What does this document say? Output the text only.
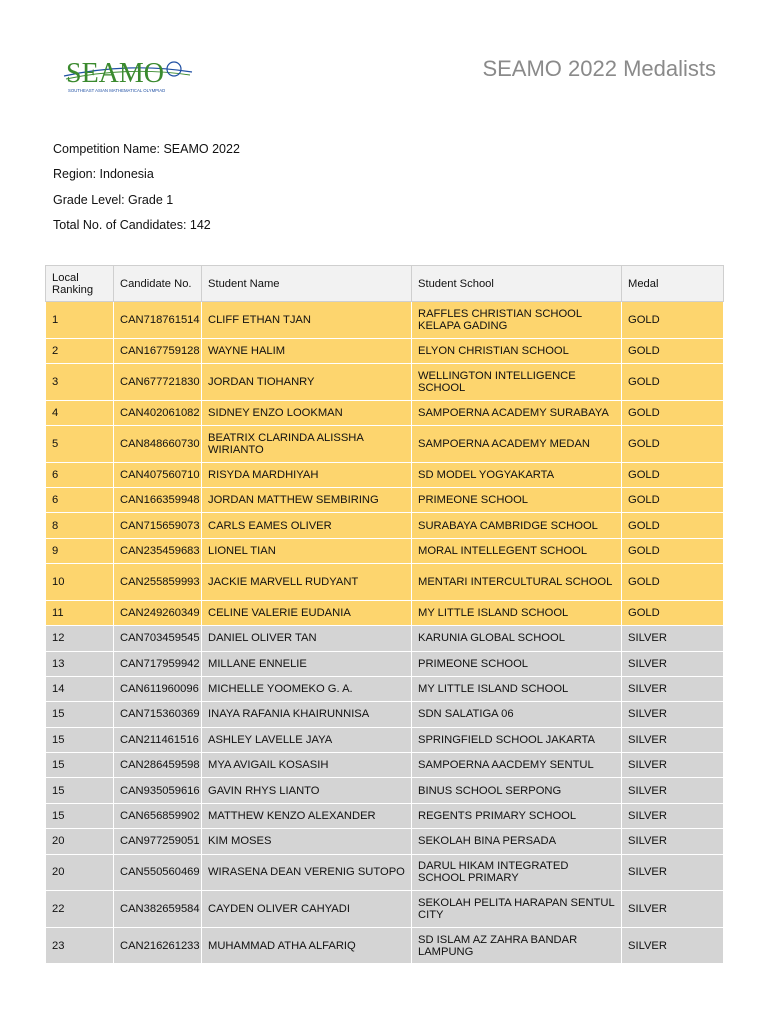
SEAMO
SOUTHEAST ASIAN MATHEMATICAL OLYMPIAD
SEAMO 2022 Medalists
Competition Name: SEAMO 2022
Region: Indonesia
Grade Level: Grade 1
Total No. of Candidates: 142
Local Ranking	Candidate No.	Student Name	Student School	Medal
1	CAN718761514	CLIFF ETHAN TJAN	RAFFLES CHRISTIAN SCHOOL KELAPA GADING	GOLD
2	CAN167759128	WAYNE HALIM	ELYON CHRISTIAN SCHOOL	GOLD
3	CAN677721830	JORDAN TIOHANRY	WELLINGTON INTELLIGENCE SCHOOL	GOLD
4	CAN402061082	SIDNEY ENZO LOOKMAN	SAMPOERNA ACADEMY SURABAYA	GOLD
5	CAN848660730	BEATRIX CLARINDA ALISSHA WIRIANTO	SAMPOERNA ACADEMY MEDAN	GOLD
6	CAN407560710	RISYDA MARDHIYAH	SD MODEL YOGYAKARTA	GOLD
6	CAN166359948	JORDAN MATTHEW SEMBIRING	PRIMEONE SCHOOL	GOLD
8	CAN715659073	CARLS EAMES OLIVER	SURABAYA CAMBRIDGE SCHOOL	GOLD
9	CAN235459683	LIONEL TIAN	MORAL INTELLEGENT SCHOOL	GOLD
10	CAN255859993	JACKIE MARVELL RUDYANT	MENTARI INTERCULTURAL SCHOOL	GOLD
11	CAN249260349	CELINE VALERIE EUDANIA	MY LITTLE ISLAND SCHOOL	GOLD
12	CAN703459545	DANIEL OLIVER TAN	KARUNIA GLOBAL SCHOOL	SILVER
13	CAN717959942	MILLANE ENNELIE	PRIMEONE SCHOOL	SILVER
14	CAN611960096	MICHELLE YOOMEKO G. A.	MY LITTLE ISLAND SCHOOL	SILVER
15	CAN715360369	INAYA RAFANIA KHAIRUNNISA	SDN SALATIGA 06	SILVER
15	CAN211461516	ASHLEY LAVELLE JAYA	SPRINGFIELD SCHOOL JAKARTA	SILVER
15	CAN286459598	MYA AVIGAIL KOSASIH	SAMPOERNA AACDEMY SENTUL	SILVER
15	CAN935059616	GAVIN RHYS LIANTO	BINUS SCHOOL SERPONG	SILVER
15	CAN656859902	MATTHEW KENZO ALEXANDER	REGENTS PRIMARY SCHOOL	SILVER
20	CAN977259051	KIM MOSES	SEKOLAH BINA PERSADA	SILVER
20	CAN550560469	WIRASENA DEAN VERENIG SUTOPO	DARUL HIKAM INTEGRATED SCHOOL PRIMARY	SILVER
22	CAN382659584	CAYDEN OLIVER CAHYADI	SEKOLAH PELITA HARAPAN SENTUL CITY	SILVER
23	CAN216261233	MUHAMMAD ATHA ALFARIQ	SD ISLAM AZ ZAHRA BANDAR LAMPUNG	SILVER
